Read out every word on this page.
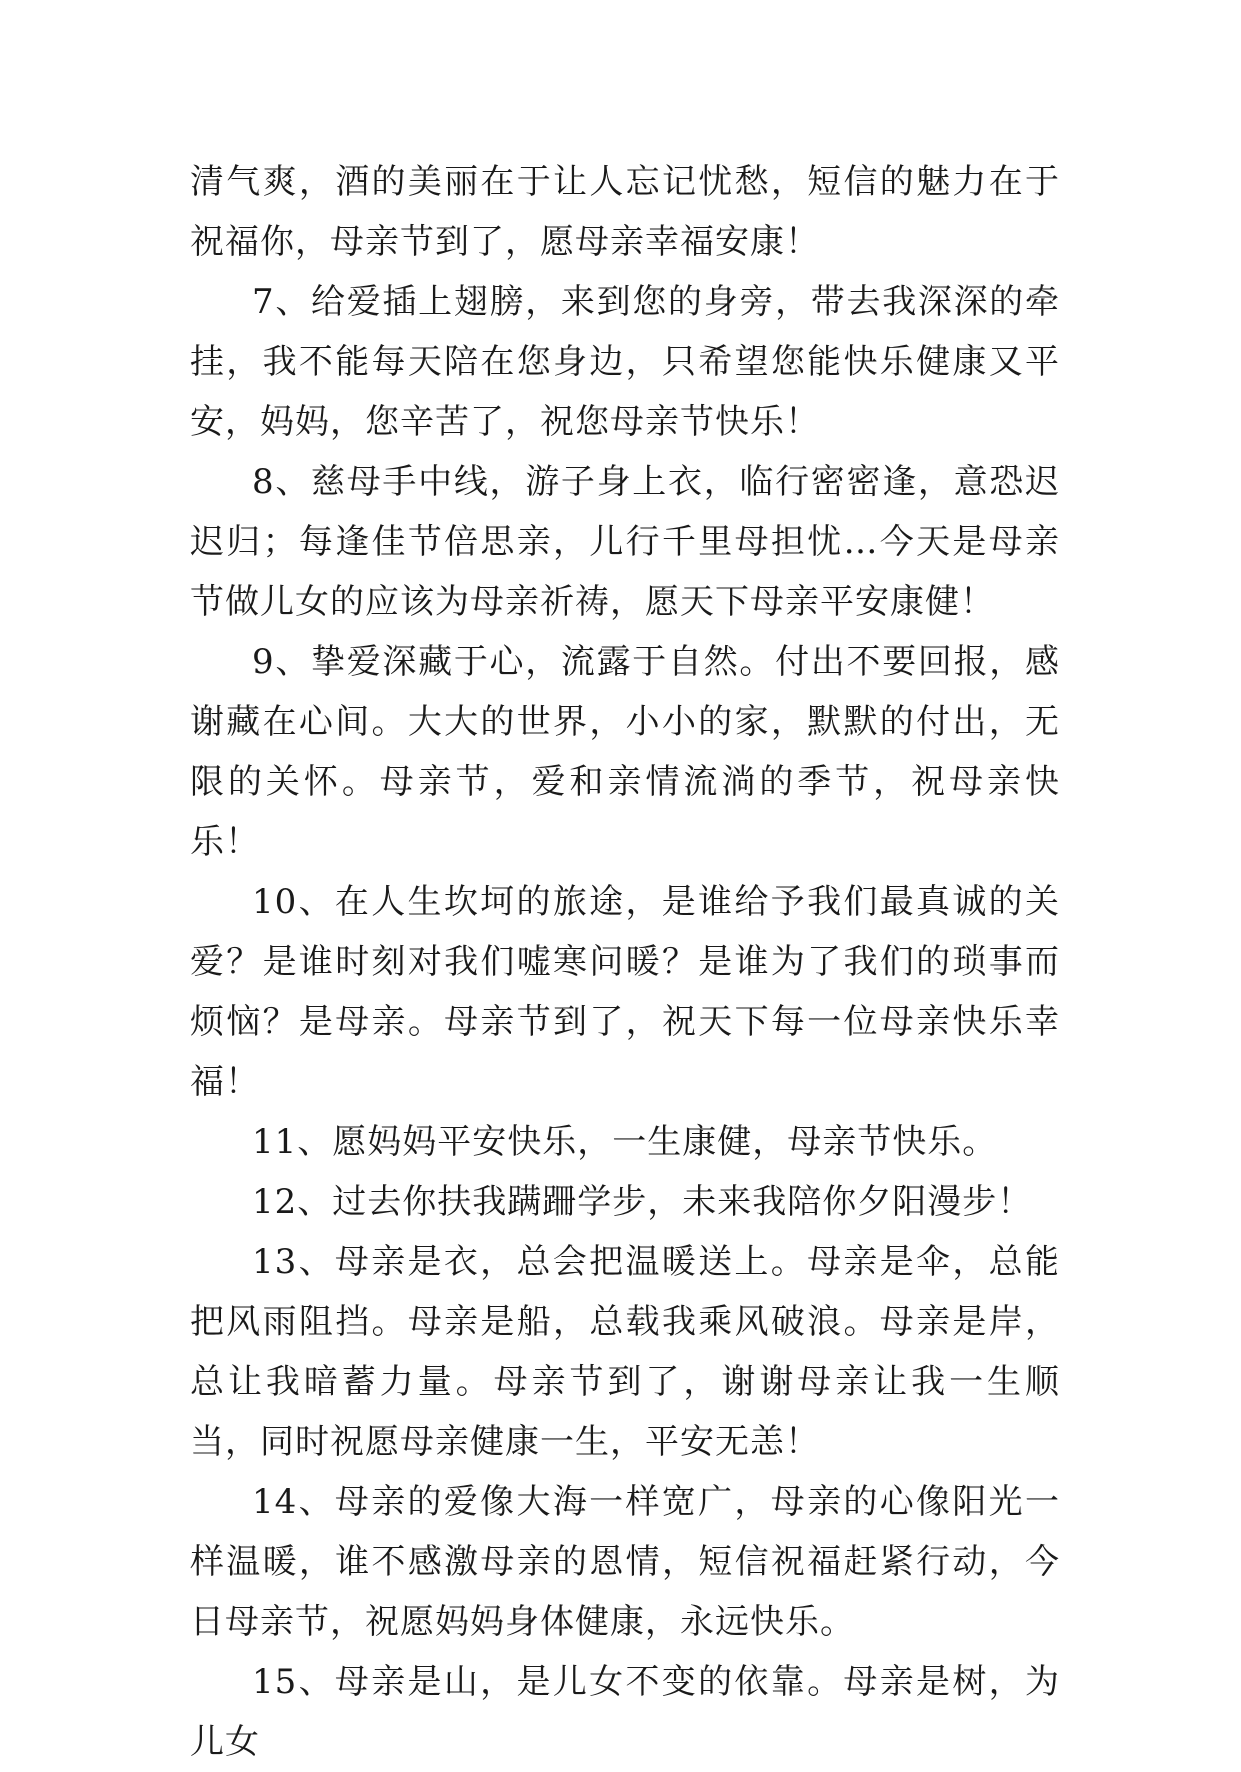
清气爽，酒的美丽在于让人忘记忧愁，短信的魅力在于祝福你，母亲节到了，愿母亲幸福安康！

7、给爱插上翅膀，来到您的身旁，带去我深深的牵挂，我不能每天陪在您身边，只希望您能快乐健康又平安，妈妈，您辛苦了，祝您母亲节快乐！

8、慈母手中线，游子身上衣，临行密密逢，意恐迟迟归；每逢佳节倍思亲，儿行千里母担忧…今天是母亲节做儿女的应该为母亲祈祷，愿天下母亲平安康健！

9、挚爱深藏于心，流露于自然。付出不要回报，感谢藏在心间。大大的世界，小小的家，默默的付出，无限的关怀。母亲节，爱和亲情流淌的季节，祝母亲快乐！

10、在人生坎坷的旅途，是谁给予我们最真诚的关爱？是谁时刻对我们嘘寒问暖？是谁为了我们的琐事而烦恼？是母亲。母亲节到了，祝天下每一位母亲快乐幸福！

11、愿妈妈平安快乐，一生康健，母亲节快乐。

12、过去你扶我蹒跚学步，未来我陪你夕阳漫步！

13、母亲是衣，总会把温暖送上。母亲是伞，总能把风雨阻挡。母亲是船，总载我乘风破浪。母亲是岸，总让我暗蓄力量。母亲节到了，谢谢母亲让我一生顺当，同时祝愿母亲健康一生，平安无恙！

14、母亲的爱像大海一样宽广，母亲的心像阳光一样温暖，谁不感激母亲的恩情，短信祝福赶紧行动，今日母亲节，祝愿妈妈身体健康，永远快乐。

15、母亲是山，是儿女不变的依靠。母亲是树，为儿女
